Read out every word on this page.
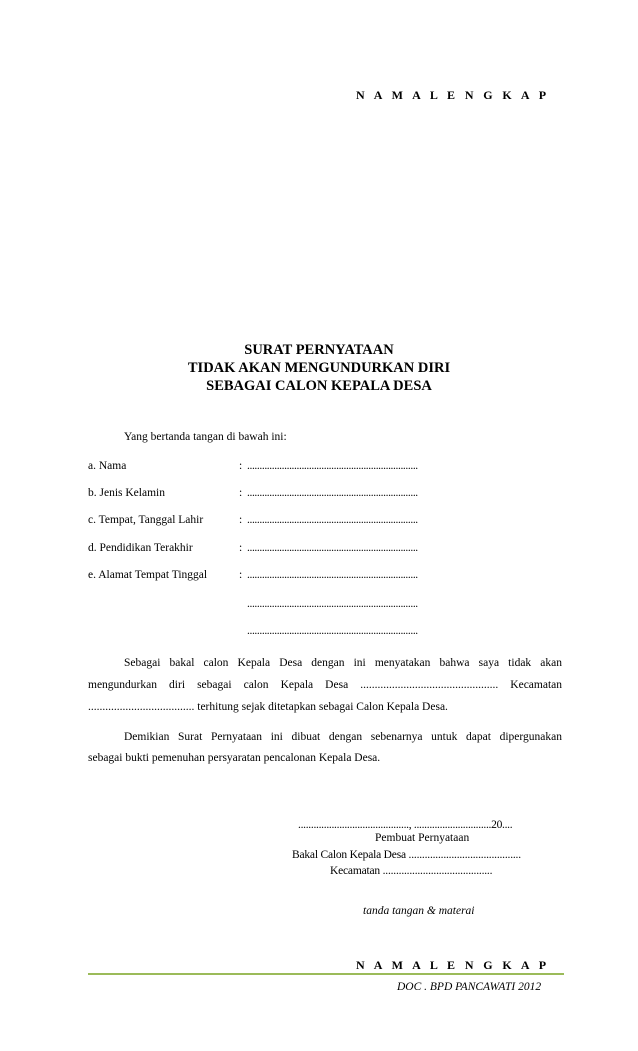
N A M A L E N G K A P
SURAT PERNYATAAN
TIDAK AKAN MENGUNDURKAN DIRI
SEBAGAI CALON KEPALA DESA
Yang bertanda tangan di bawah ini:
a. Nama	: .....................................................................
b. Jenis Kelamin	: .....................................................................
c. Tempat, Tanggal Lahir	: .....................................................................
d. Pendidikan Terakhir	: .....................................................................
e. Alamat Tempat Tinggal	: .....................................................................
.....................................................................
.....................................................................
Sebagai bakal calon Kepala Desa dengan ini menyatakan bahwa saya tidak akan
mengundurkan diri sebagai calon Kepala Desa ................................................ Kecamatan
..................................... terhitung sejak ditetapkan sebagai Calon Kepala Desa.
Demikian Surat Pernyataan ini dibuat dengan sebenarnya untuk dapat dipergunakan
sebagai bukti pemenuhan persyaratan pencalonan Kepala Desa.
..........................................., ..............................20....
Pembuat Pernyataan
Bakal Calon Kepala Desa ..........................................
Kecamatan .........................................
tanda tangan & materai
N A M A L E N G K A P
DOC . BPD PANCAWATI 2012
